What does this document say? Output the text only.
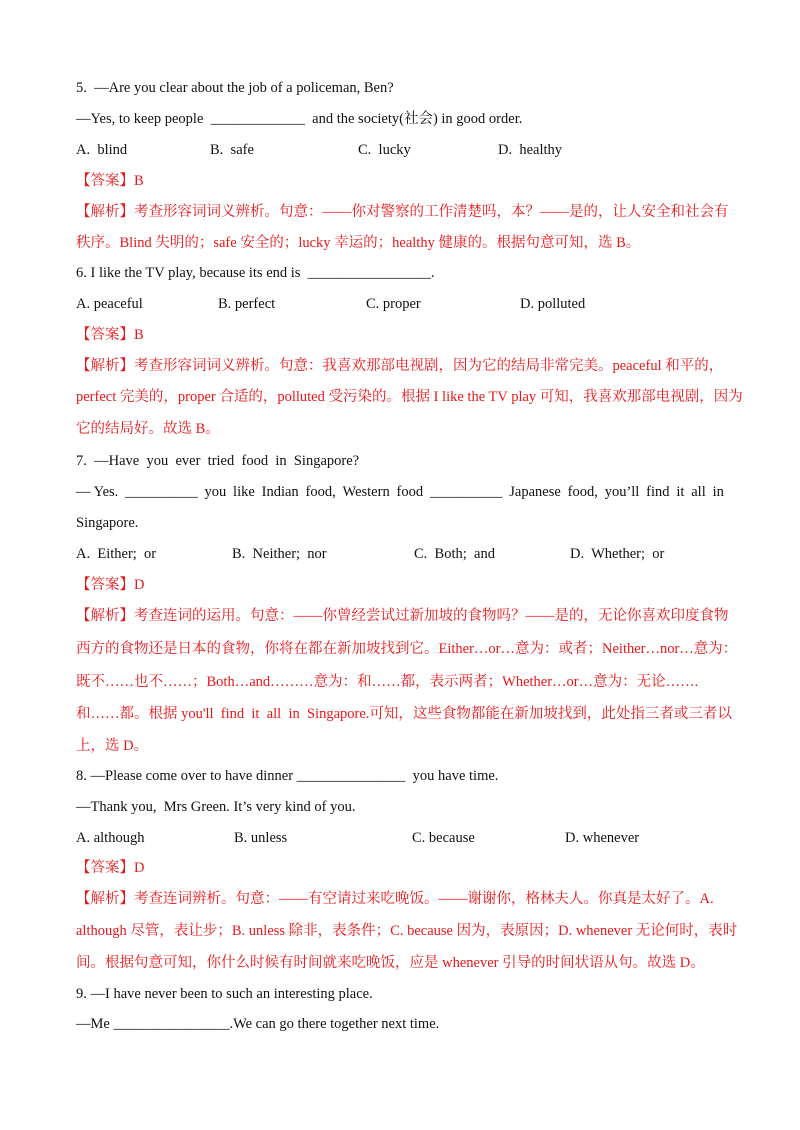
5.  —Are you clear about the job of a policeman, Ben?
—Yes, to keep people  _____________  and the society(社会) in good order.
A.  blind	B.  safe	C.  lucky	D.  healthy
【答案】B
【解析】考查形容词词义辨析。句意：——你对警察的工作清楚吗，本？——是的，让人安全和社会有
秩序。Blind 失明的；safe 安全的；lucky 幸运的；healthy 健康的。根据句意可知，选 B。
6. I like the TV play, because its end is  _________________.
A. peaceful	B. perfect	C. proper	D. polluted
【答案】B
【解析】考查形容词词义辨析。句意：我喜欢那部电视剧，因为它的结局非常完美。peaceful 和平的，
perfect 完美的，proper 合适的，polluted 受污染的。根据 I like the TV play 可知，我喜欢那部电视剧，因为
它的结局好。故选 B。
7.  —Have  you  ever  tried  food  in  Singapore?
— Yes. __________ you like Indian food, Western food __________ Japanese food, you’ll find it all in
Singapore.
A.  Either;  or	B.  Neither;  nor	C.  Both;  and	D.  Whether;  or
【答案】D
【解析】考查连词的运用。句意：——你曾经尝试过新加坡的食物吗？——是的，无论你喜欢印度食物
西方的食物还是日本的食物，你将在都在新加坡找到它。Either…or…意为：或者；Neither…nor…意为：
既不……也不……；Both…and………意为：和……都，表示两者；Whether…or…意为：无论…….
和……都。根据 you'll  find  it  all  in  Singapore.可知，这些食物都能在新加坡找到，此处指三者或三者以
上，选 D。
8. —Please come over to have dinner _______________  you have time.
—Thank you,  Mrs Green. It’s very kind of you.
A. although	B. unless	C. because	D. whenever
【答案】D
【解析】考查连词辨析。句意：——有空请过来吃晚饭。——谢谢你，格林夫人。你真是太好了。A.
although 尽管，表让步；B. unless 除非，表条件；C. because 因为，表原因；D. whenever 无论何时，表时
间。根据句意可知，你什么时候有时间就来吃晚饭，应是 whenever 引导的时间状语从句。故选 D。
9. —I have never been to such an interesting place.
—Me ________________.We can go there together next time.
